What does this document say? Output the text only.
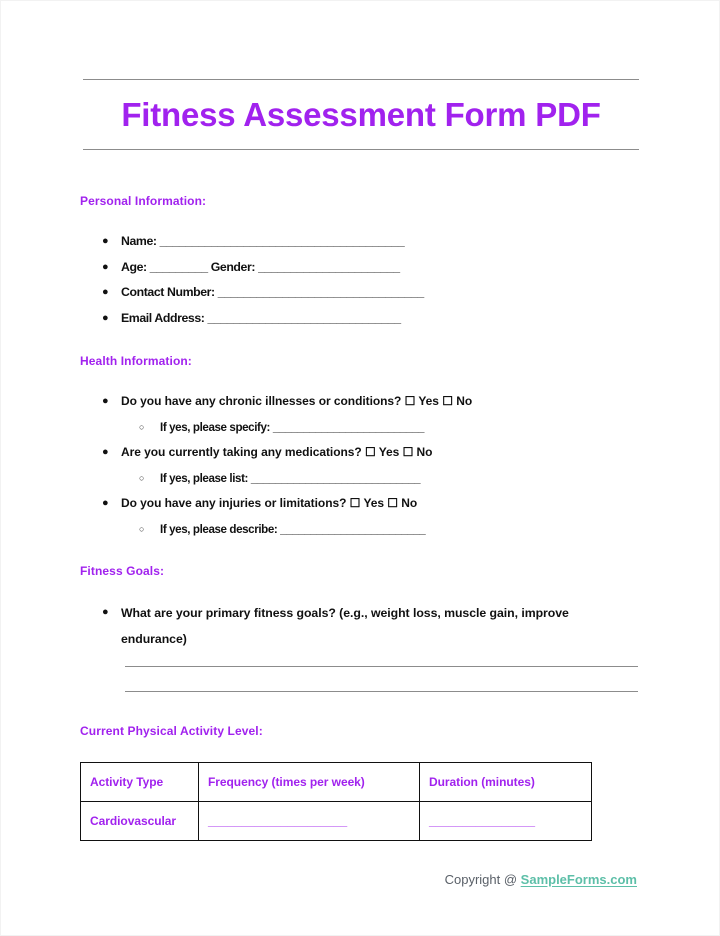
Fitness Assessment Form PDF
Personal Information:
● Name: ______________________________________
● Age: _________ Gender: ______________________
● Contact Number: ________________________________
● Email Address: ______________________________
Health Information:
● Do you have any chronic illnesses or conditions? ☐ Yes ☐ No
○ If yes, please specify: _________________________
● Are you currently taking any medications? ☐ Yes ☐ No
○ If yes, please list: ____________________________
● Do you have any injuries or limitations? ☐ Yes ☐ No
○ If yes, please describe: ________________________
Fitness Goals:
● What are your primary fitness goals? (e.g., weight loss, muscle gain, improve endurance)
Current Physical Activity Level:
Activity Type	Frequency (times per week)	Duration (minutes)
Cardiovascular	_____________________	________________
Copyright @ SampleForms.com
